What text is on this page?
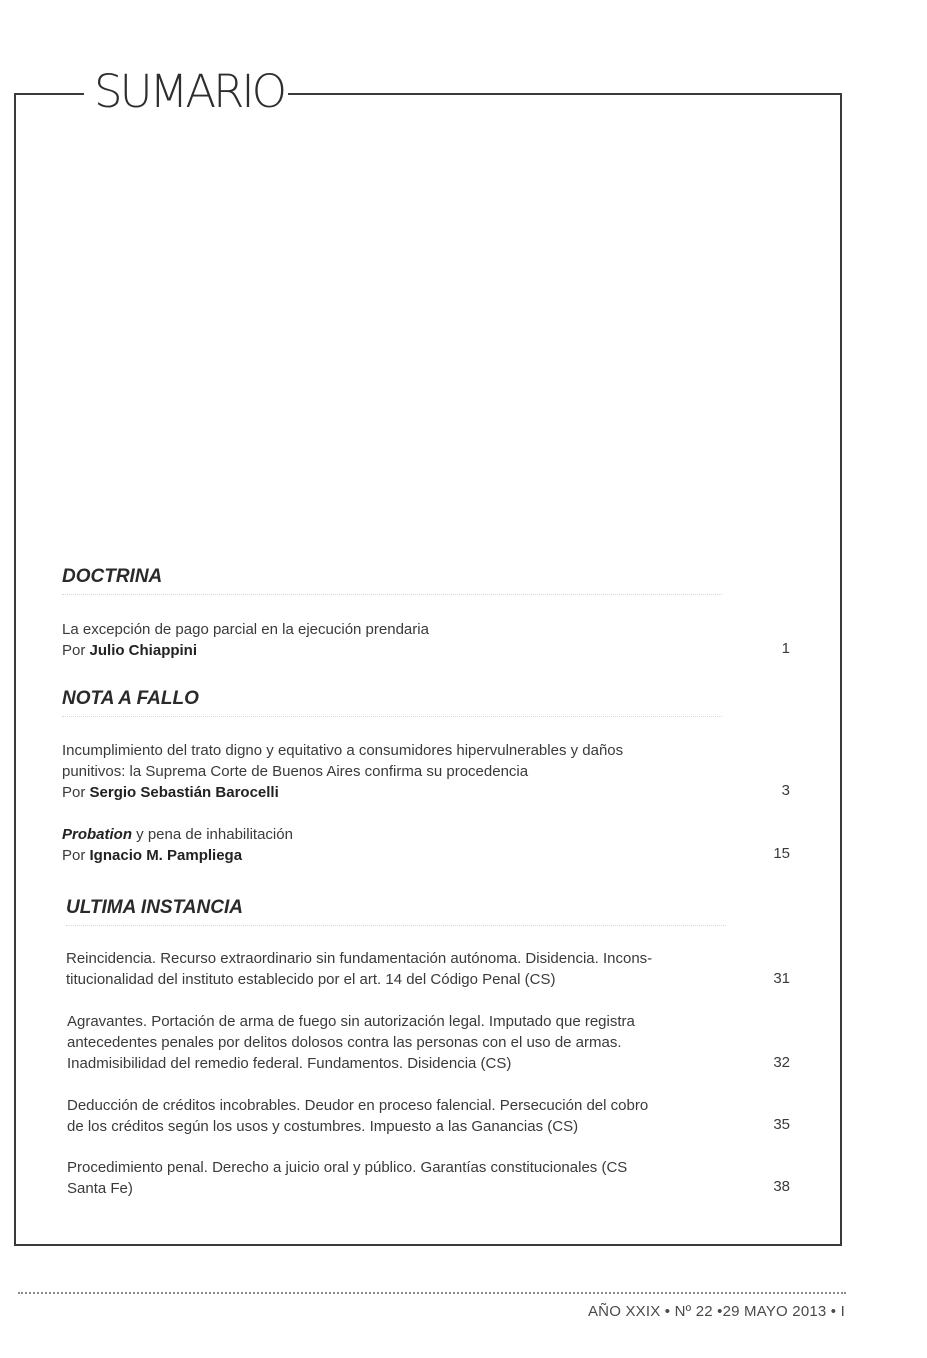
SUMARIO
DOCTRINA
La excepción de pago parcial en la ejecución prendaria
Por Julio Chiappini	1
NOTA A FALLO
Incumplimiento del trato digno y equitativo a consumidores hipervulnerables y daños
punitivos: la Suprema Corte de Buenos Aires confirma su procedencia
Por Sergio Sebastián Barocelli	3
Probation y pena de inhabilitación
Por Ignacio M. Pampliega	15
ULTIMA INSTANCIA
Reincidencia. Recurso extraordinario sin fundamentación autónoma. Disidencia. Incons-
titucionalidad del instituto establecido por el art. 14 del Código Penal (CS)	31
Agravantes. Portación de arma de fuego sin autorización legal. Imputado que registra
antecedentes penales por delitos dolosos contra las personas con el uso de armas.
Inadmisibilidad del remedio federal. Fundamentos. Disidencia (CS)	32
Deducción de créditos incobrables. Deudor en proceso falencial. Persecución del cobro
de los créditos según los usos y costumbres. Impuesto a las Ganancias (CS)	35
Procedimiento penal. Derecho a juicio oral y público. Garantías constitucionales (CS
Santa Fe)	38
AÑO XXIX • Nº 22 •29 MAYO 2013 • I
